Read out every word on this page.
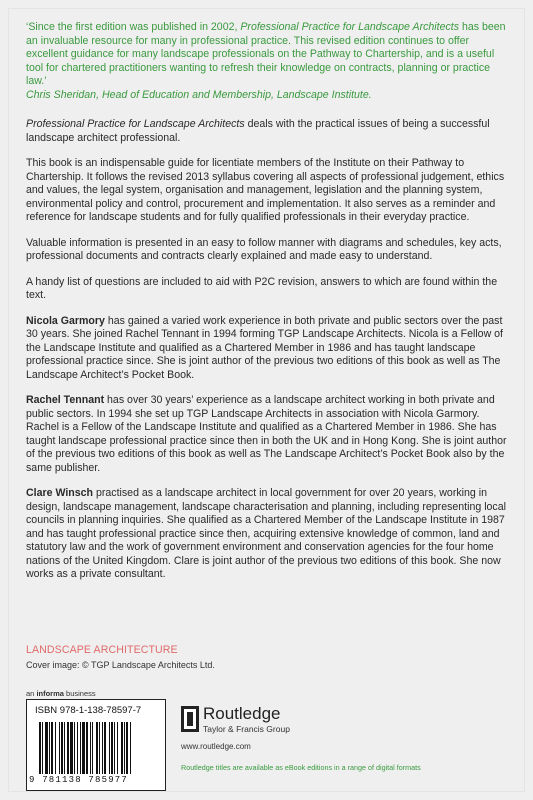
‘Since the first edition was published in 2002, Professional Practice for Landscape Architects has been an invaluable resource for many in professional practice. This revised edition continues to offer excellent guidance for many landscape professionals on the Pathway to Chartership, and is a useful tool for chartered practitioners wanting to refresh their knowledge on contracts, planning or practice law.’
Chris Sheridan, Head of Education and Membership, Landscape Institute.

Professional Practice for Landscape Architects deals with the practical issues of being a successful landscape architect professional.

This book is an indispensable guide for licentiate members of the Institute on their Pathway to Chartership. It follows the revised 2013 syllabus covering all aspects of professional judgement, ethics and values, the legal system, organisation and management, legislation and the planning system, environmental policy and control, procurement and implementation. It also serves as a reminder and reference for landscape students and for fully qualified professionals in their everyday practice.

Valuable information is presented in an easy to follow manner with diagrams and schedules, key acts, professional documents and contracts clearly explained and made easy to understand.

A handy list of questions are included to aid with P2C revision, answers to which are found within the text.

Nicola Garmory has gained a varied work experience in both private and public sectors over the past 30 years. She joined Rachel Tennant in 1994 forming TGP Landscape Architects. Nicola is a Fellow of the Landscape Institute and qualified as a Chartered Member in 1986 and has taught landscape professional practice since. She is joint author of the previous two editions of this book as well as The Landscape Architect’s Pocket Book.

Rachel Tennant has over 30 years’ experience as a landscape architect working in both private and public sectors. In 1994 she set up TGP Landscape Architects in association with Nicola Garmory. Rachel is a Fellow of the Landscape Institute and qualified as a Chartered Member in 1986. She has taught landscape professional practice since then in both the UK and in Hong Kong. She is joint author of the previous two editions of this book as well as The Landscape Architect’s Pocket Book also by the same publisher.

Clare Winsch practised as a landscape architect in local government for over 20 years, working in design, landscape management, landscape characterisation and planning, including representing local councils in planning inquiries. She qualified as a Chartered Member of the Landscape Institute in 1987 and has taught professional practice since then, acquiring extensive knowledge of common, land and statutory law and the work of government environment and conservation agencies for the four home nations of the United Kingdom. Clare is joint author of the previous two editions of this book. She now works as a private consultant.

LANDSCAPE ARCHITECTURE
Cover image: © TGP Landscape Architects Ltd.
an informa business
ISBN 978-1-138-78597-7
9 781138 785977
Routledge
Taylor & Francis Group
www.routledge.com
Routledge titles are available as eBook editions in a range of digital formats
